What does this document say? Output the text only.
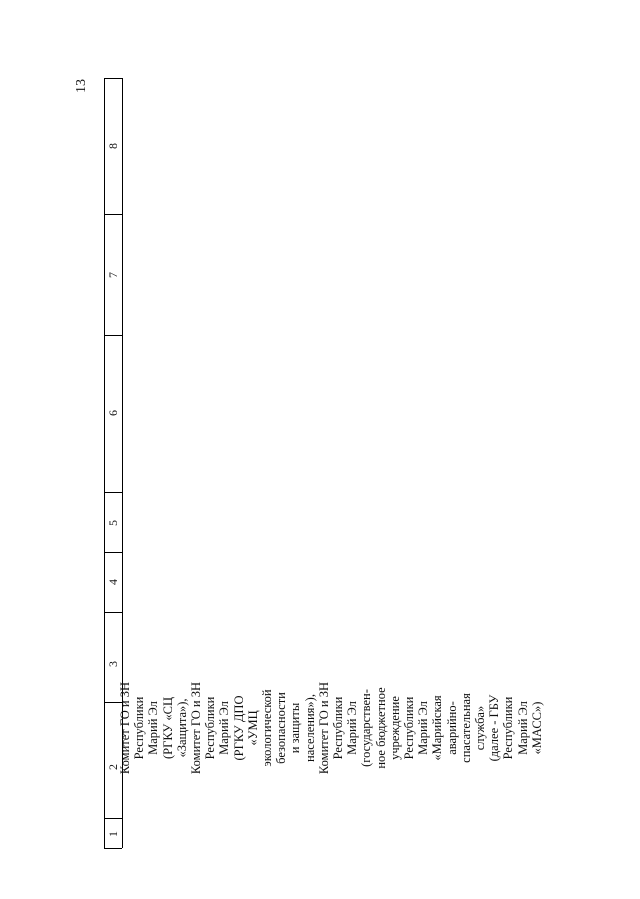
13
1
2
3
4
5
6
7
8
Комитет ГО и ЗН Республики Марий Эл (РГКУ «СЦ «Защита»), Комитет ГО и ЗН Республики Марий Эл (РГКУ ДПО «УМЦ экологической безопасности и защиты населения»), Комитет ГО и ЗН Республики Марий Эл (государствен- ное бюджетное учреждение Республики Марий Эл «Марийская аварийно- спасательная служба» (далее - ГБУ Республики Марий Эл «МАСС»)
